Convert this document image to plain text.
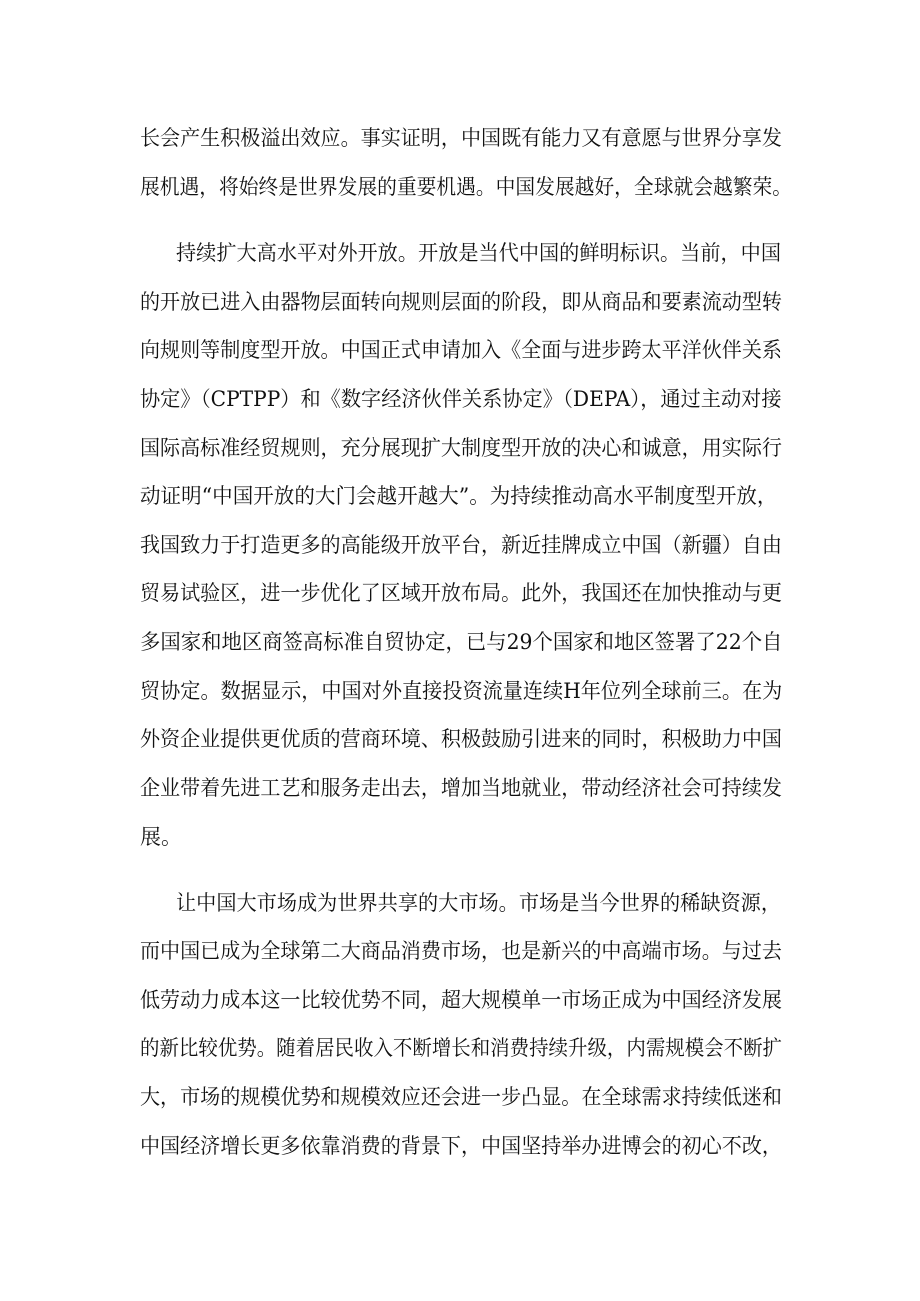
长会产生积极溢出效应。事实证明，中国既有能力又有意愿与世界分享发
展机遇，将始终是世界发展的重要机遇。中国发展越好，全球就会越繁荣。
持续扩大高水平对外开放。开放是当代中国的鲜明标识。当前，中国
的开放已进入由器物层面转向规则层面的阶段，即从商品和要素流动型转
向规则等制度型开放。中国正式申请加入《全面与进步跨太平洋伙伴关系
协定》（CPTPP）和《数字经济伙伴关系协定》（DEPA），通过主动对接
国际高标准经贸规则，充分展现扩大制度型开放的决心和诚意，用实际行
动证明“中国开放的大门会越开越大”。为持续推动高水平制度型开放，
我国致力于打造更多的高能级开放平台，新近挂牌成立中国（新疆）自由
贸易试验区，进一步优化了区域开放布局。此外，我国还在加快推动与更
多国家和地区商签高标准自贸协定，已与29个国家和地区签署了22个自
贸协定。数据显示，中国对外直接投资流量连续H年位列全球前三。在为
外资企业提供更优质的营商环境、积极鼓励引进来的同时，积极助力中国
企业带着先进工艺和服务走出去，增加当地就业，带动经济社会可持续发
展。
让中国大市场成为世界共享的大市场。市场是当今世界的稀缺资源，
而中国已成为全球第二大商品消费市场，也是新兴的中高端市场。与过去
低劳动力成本这一比较优势不同，超大规模单一市场正成为中国经济发展
的新比较优势。随着居民收入不断增长和消费持续升级，内需规模会不断扩
大，市场的规模优势和规模效应还会进一步凸显。在全球需求持续低迷和
中国经济增长更多依靠消费的背景下，中国坚持举办进博会的初心不改，
